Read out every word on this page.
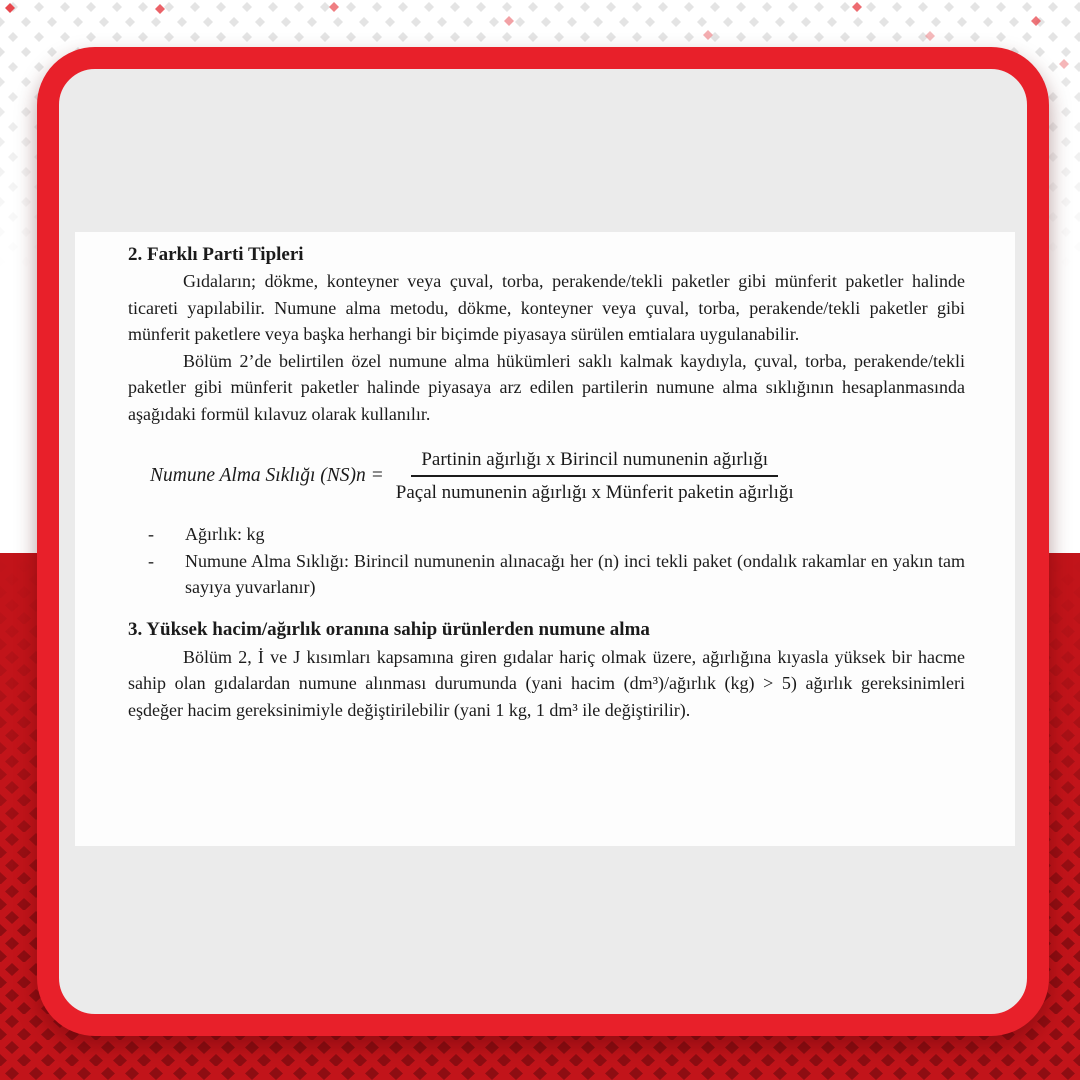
2. Farklı Parti Tipleri

Gıdaların; dökme, konteyner veya çuval, torba, perakende/tekli paketler gibi münferit paketler halinde ticareti yapılabilir. Numune alma metodu, dökme, konteyner veya çuval, torba, perakende/tekli paketler gibi münferit paketlere veya başka herhangi bir biçimde piyasaya sürülen emtialara uygulanabilir.

Bölüm 2’de belirtilen özel numune alma hükümleri saklı kalmak kaydıyla, çuval, torba, perakende/tekli paketler gibi münferit paketler halinde piyasaya arz edilen partilerin numune alma sıklığının hesaplanmasında aşağıdaki formül kılavuz olarak kullanılır.

Numune Alma Sıklığı $(NS)n = \frac{\text{Partinin ağırlığı x Birincil numunenin ağırlığı}}{\text{Paçal numunenin ağırlığı x Münferit paketin ağırlığı}}$
-	Ağırlık: kg
-	Numune Alma Sıklığı: Birincil numunenin alınacağı her (n) inci tekli paket (ondalık rakamlar en yakın tam sayıya yuvarlanır)

3. Yüksek hacim/ağırlık oranına sahip ürünlerden numune alma

Bölüm 2, İ ve J kısımları kapsamına giren gıdalar hariç olmak üzere, ağırlığına kıyasla yüksek bir hacme sahip olan gıdalardan numune alınması durumunda (yani hacim (dm³)/ağırlık (kg) > 5) ağırlık gereksinimleri eşdeğer hacim gereksinimiyle değiştirilebilir (yani 1 kg, 1 dm³ ile değiştirilir).
